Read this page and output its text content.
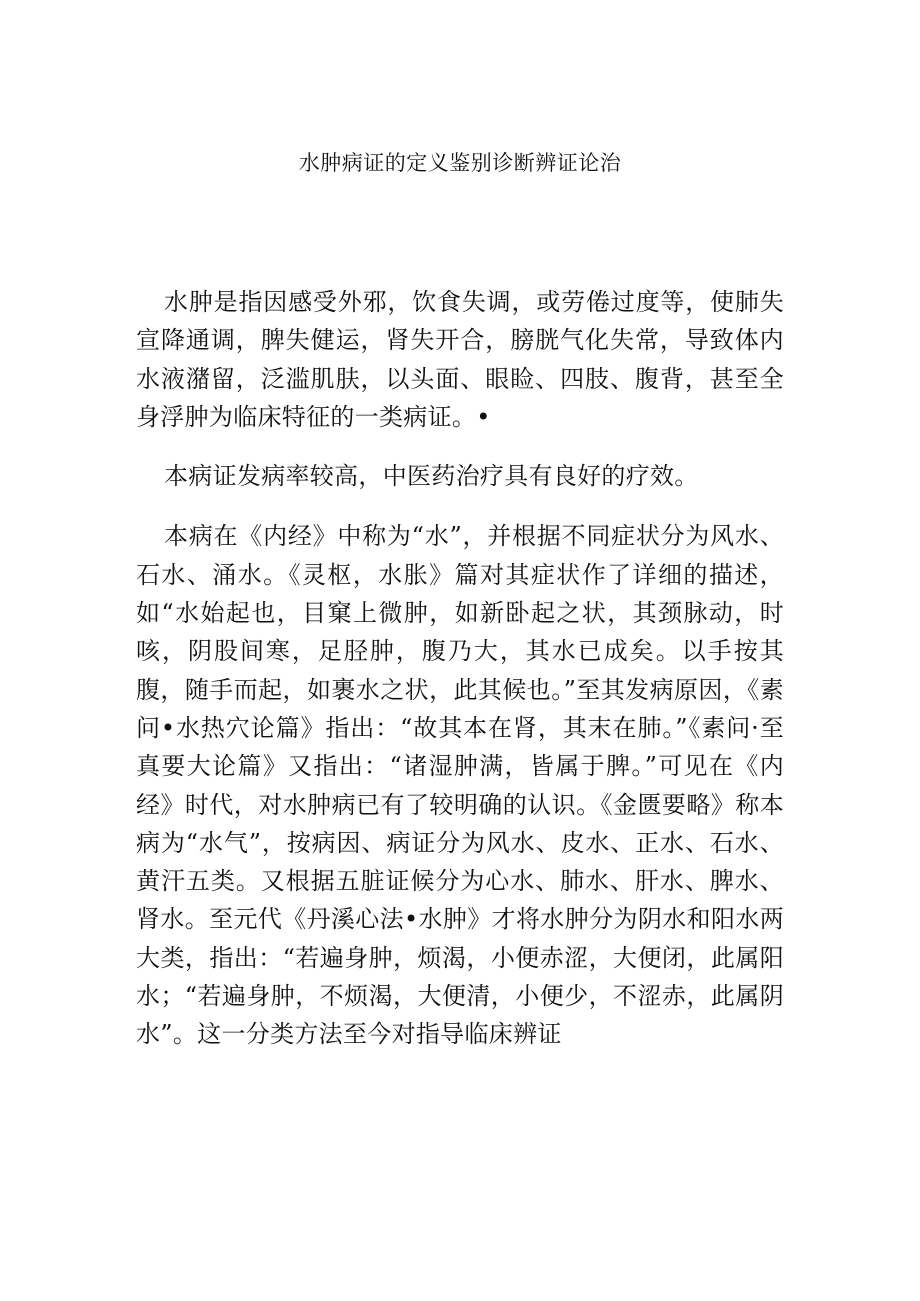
水肿病证的定义鉴别诊断辨证论治

水肿是指因感受外邪，饮食失调，或劳倦过度等，使肺失宣降通调，脾失健运，肾失开合，膀胱气化失常，导致体内水液潴留，泛滥肌肤，以头面、眼睑、四肢、腹背，甚至全身浮肿为临床特征的一类病证。•

本病证发病率较高，中医药治疗具有良好的疗效。

本病在《内经》中称为“水”，并根据不同症状分为风水、石水、涌水。《灵枢，水胀》篇对其症状作了详细的描述，如“水始起也，目窠上微肿，如新卧起之状，其颈脉动，时咳，阴股间寒，足胫肿，腹乃大，其水已成矣。以手按其腹，随手而起，如裹水之状，此其候也。”至其发病原因，《素问•水热穴论篇》指出：“故其本在肾，其末在肺。”《素问·至真要大论篇》又指出：“诸湿肿满，皆属于脾。”可见在《内经》时代，对水肿病已有了较明确的认识。《金匮要略》称本病为“水气”，按病因、病证分为风水、皮水、正水、石水、黄汗五类。又根据五脏证候分为心水、肺水、肝水、脾水、肾水。至元代《丹溪心法•水肿》才将水肿分为阴水和阳水两大类，指出：“若遍身肿，烦渴，小便赤涩，大便闭，此属阳水；“若遍身肿，不烦渴，大便清，小便少，不涩赤，此属阴水”。这一分类方法至今对指导临床辨证
